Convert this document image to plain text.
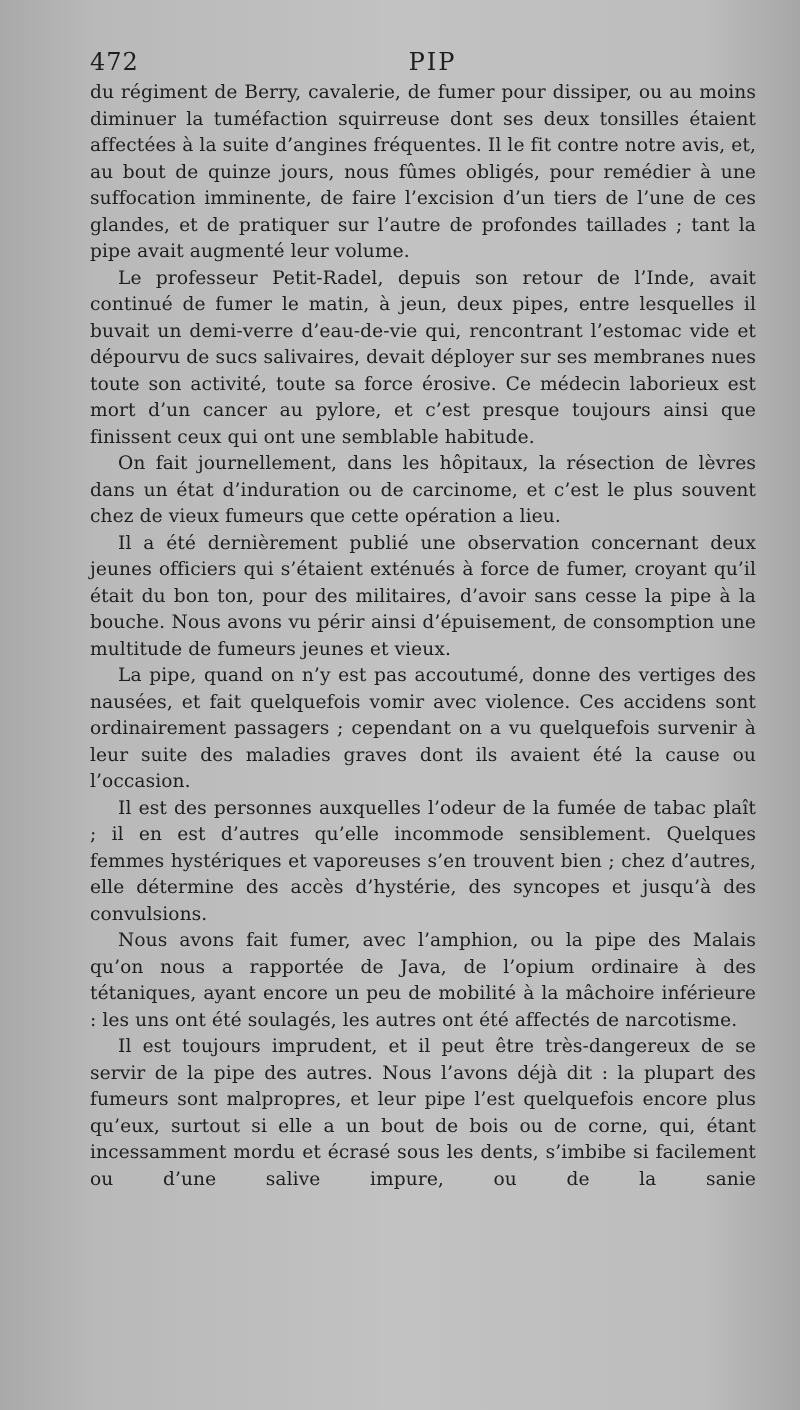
472	PIP

du régiment de Berry, cavalerie, de fumer pour dissiper, ou au moins diminuer la tuméfaction squirreuse dont ses deux tonsilles étaient affectées à la suite d’angines fréquentes. Il le fit contre notre avis, et, au bout de quinze jours, nous fûmes obligés, pour remédier à une suffocation imminente, de faire l’excision d’un tiers de l’une de ces glandes, et de pratiquer sur l’autre de profondes taillades ; tant la pipe avait augmenté leur volume.

Le professeur Petit-Radel, depuis son retour de l’Inde, avait continué de fumer le matin, à jeun, deux pipes, entre lesquelles il buvait un demi-verre d’eau-de-vie qui, rencontrant l’estomac vide et dépourvu de sucs salivaires, devait déployer sur ses membranes nues toute son activité, toute sa force érosive. Ce médecin laborieux est mort d’un cancer au pylore, et c’est presque toujours ainsi que finissent ceux qui ont une semblable habitude.

On fait journellement, dans les hôpitaux, la résection de lèvres dans un état d’induration ou de carcinome, et c’est le plus souvent chez de vieux fumeurs que cette opération a lieu.

Il a été dernièrement publié une observation concernant deux jeunes officiers qui s’étaient exténués à force de fumer, croyant qu’il était du bon ton, pour des militaires, d’avoir sans cesse la pipe à la bouche. Nous avons vu périr ainsi d’épuisement, de consomption une multitude de fumeurs jeunes et vieux.

La pipe, quand on n’y est pas accoutumé, donne des vertiges des nausées, et fait quelquefois vomir avec violence. Ces accidens sont ordinairement passagers ; cependant on a vu quelquefois survenir à leur suite des maladies graves dont ils avaient été la cause ou l’occasion.

Il est des personnes auxquelles l’odeur de la fumée de tabac plaît ; il en est d’autres qu’elle incommode sensiblement. Quelques femmes hystériques et vaporeuses s’en trouvent bien ; chez d’autres, elle détermine des accès d’hystérie, des syncopes et jusqu’à des convulsions.

Nous avons fait fumer, avec l’amphion, ou la pipe des Malais qu’on nous a rapportée de Java, de l’opium ordinaire à des tétaniques, ayant encore un peu de mobilité à la mâchoire inférieure : les uns ont été soulagés, les autres ont été affectés de narcotisme.

Il est toujours imprudent, et il peut être très-dangereux de se servir de la pipe des autres. Nous l’avons déjà dit : la plupart des fumeurs sont malpropres, et leur pipe l’est quelquefois encore plus qu’eux, surtout si elle a un bout de bois ou de corne, qui, étant incessamment mordu et écrasé sous les dents, s’imbibe si facilement ou d’une salive impure, ou de la sanie
